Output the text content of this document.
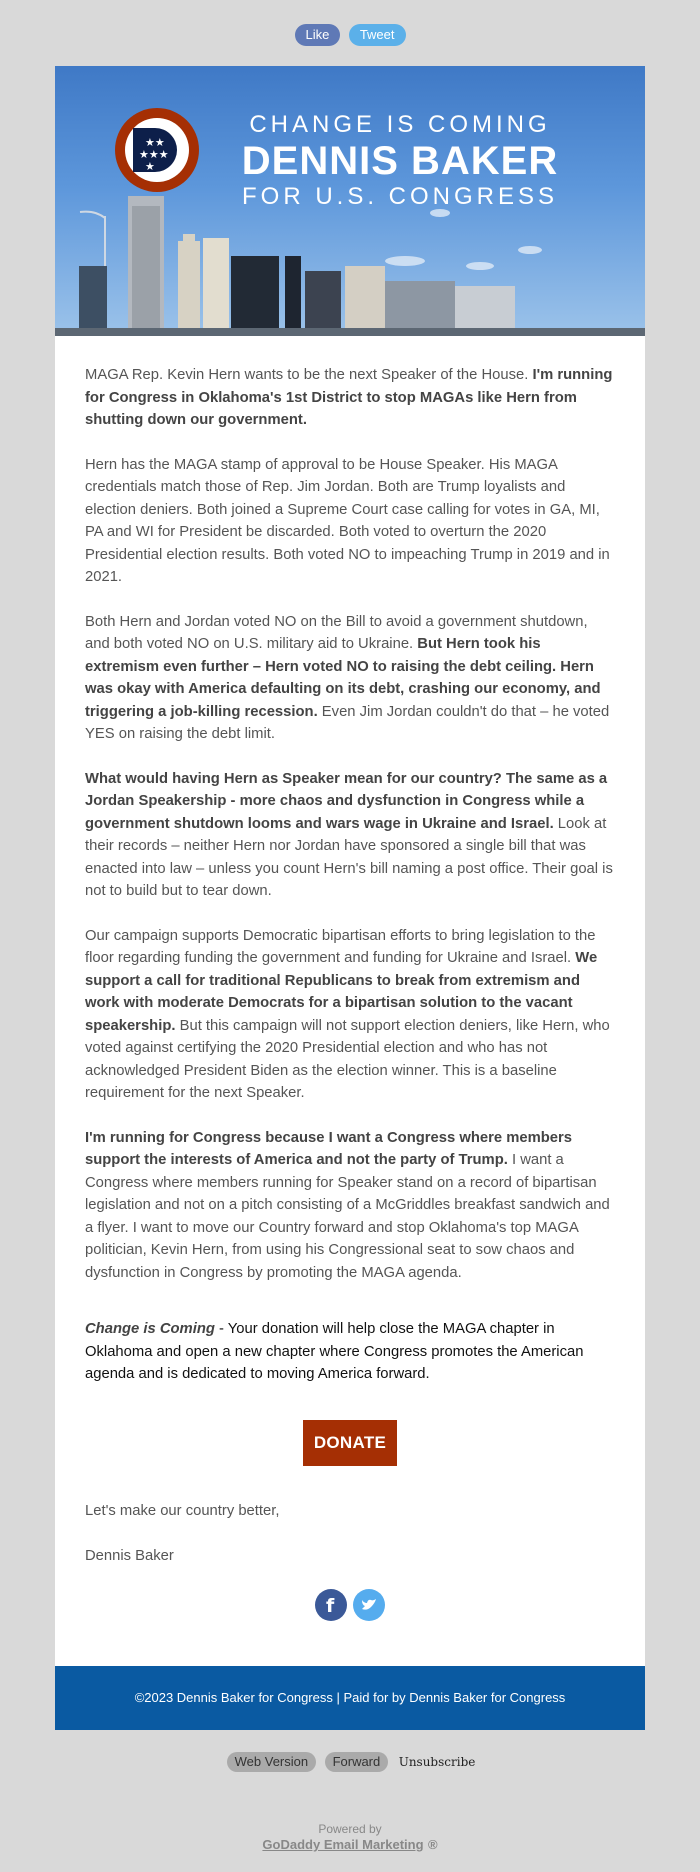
Like Tweet
★★
★★★
★
CHANGE IS COMING
DENNIS BAKER
FOR U.S. CONGRESS

MAGA Rep. Kevin Hern wants to be the next Speaker of the House. I'm running for Congress in Oklahoma's 1st District to stop MAGAs like Hern from shutting down our government.

Hern has the MAGA stamp of approval to be House Speaker. His MAGA credentials match those of Rep. Jim Jordan. Both are Trump loyalists and election deniers. Both joined a Supreme Court case calling for votes in GA, MI, PA and WI for President be discarded. Both voted to overturn the 2020 Presidential election results. Both voted NO to impeaching Trump in 2019 and in 2021.

Both Hern and Jordan voted NO on the Bill to avoid a government shutdown, and both voted NO on U.S. military aid to Ukraine. But Hern took his extremism even further – Hern voted NO to raising the debt ceiling. Hern was okay with America defaulting on its debt, crashing our economy, and triggering a job-killing recession. Even Jim Jordan couldn't do that – he voted YES on raising the debt limit.

What would having Hern as Speaker mean for our country? The same as a Jordan Speakership - more chaos and dysfunction in Congress while a government shutdown looms and wars wage in Ukraine and Israel. Look at their records – neither Hern nor Jordan have sponsored a single bill that was enacted into law – unless you count Hern's bill naming a post office. Their goal is not to build but to tear down.

Our campaign supports Democratic bipartisan efforts to bring legislation to the floor regarding funding the government and funding for Ukraine and Israel. We support a call for traditional Republicans to break from extremism and work with moderate Democrats for a bipartisan solution to the vacant speakership. But this campaign will not support election deniers, like Hern, who voted against certifying the 2020 Presidential election and who has not acknowledged President Biden as the election winner. This is a baseline requirement for the next Speaker.

I'm running for Congress because I want a Congress where members support the interests of America and not the party of Trump. I want a Congress where members running for Speaker stand on a record of bipartisan legislation and not on a pitch consisting of a McGriddles breakfast sandwich and a flyer. I want to move our Country forward and stop Oklahoma's top MAGA politician, Kevin Hern, from using his Congressional seat to sow chaos and dysfunction in Congress by promoting the MAGA agenda.

Change is Coming - Your donation will help close the MAGA chapter in Oklahoma and open a new chapter where Congress promotes the American agenda and is dedicated to moving America forward.

DONATE

Let's make our country better,

Dennis Baker

f

©2023 Dennis Baker for Congress | Paid for by Dennis Baker for Congress
Web Version Forward Unsubscribe
Powered by
GoDaddy Email Marketing ®
